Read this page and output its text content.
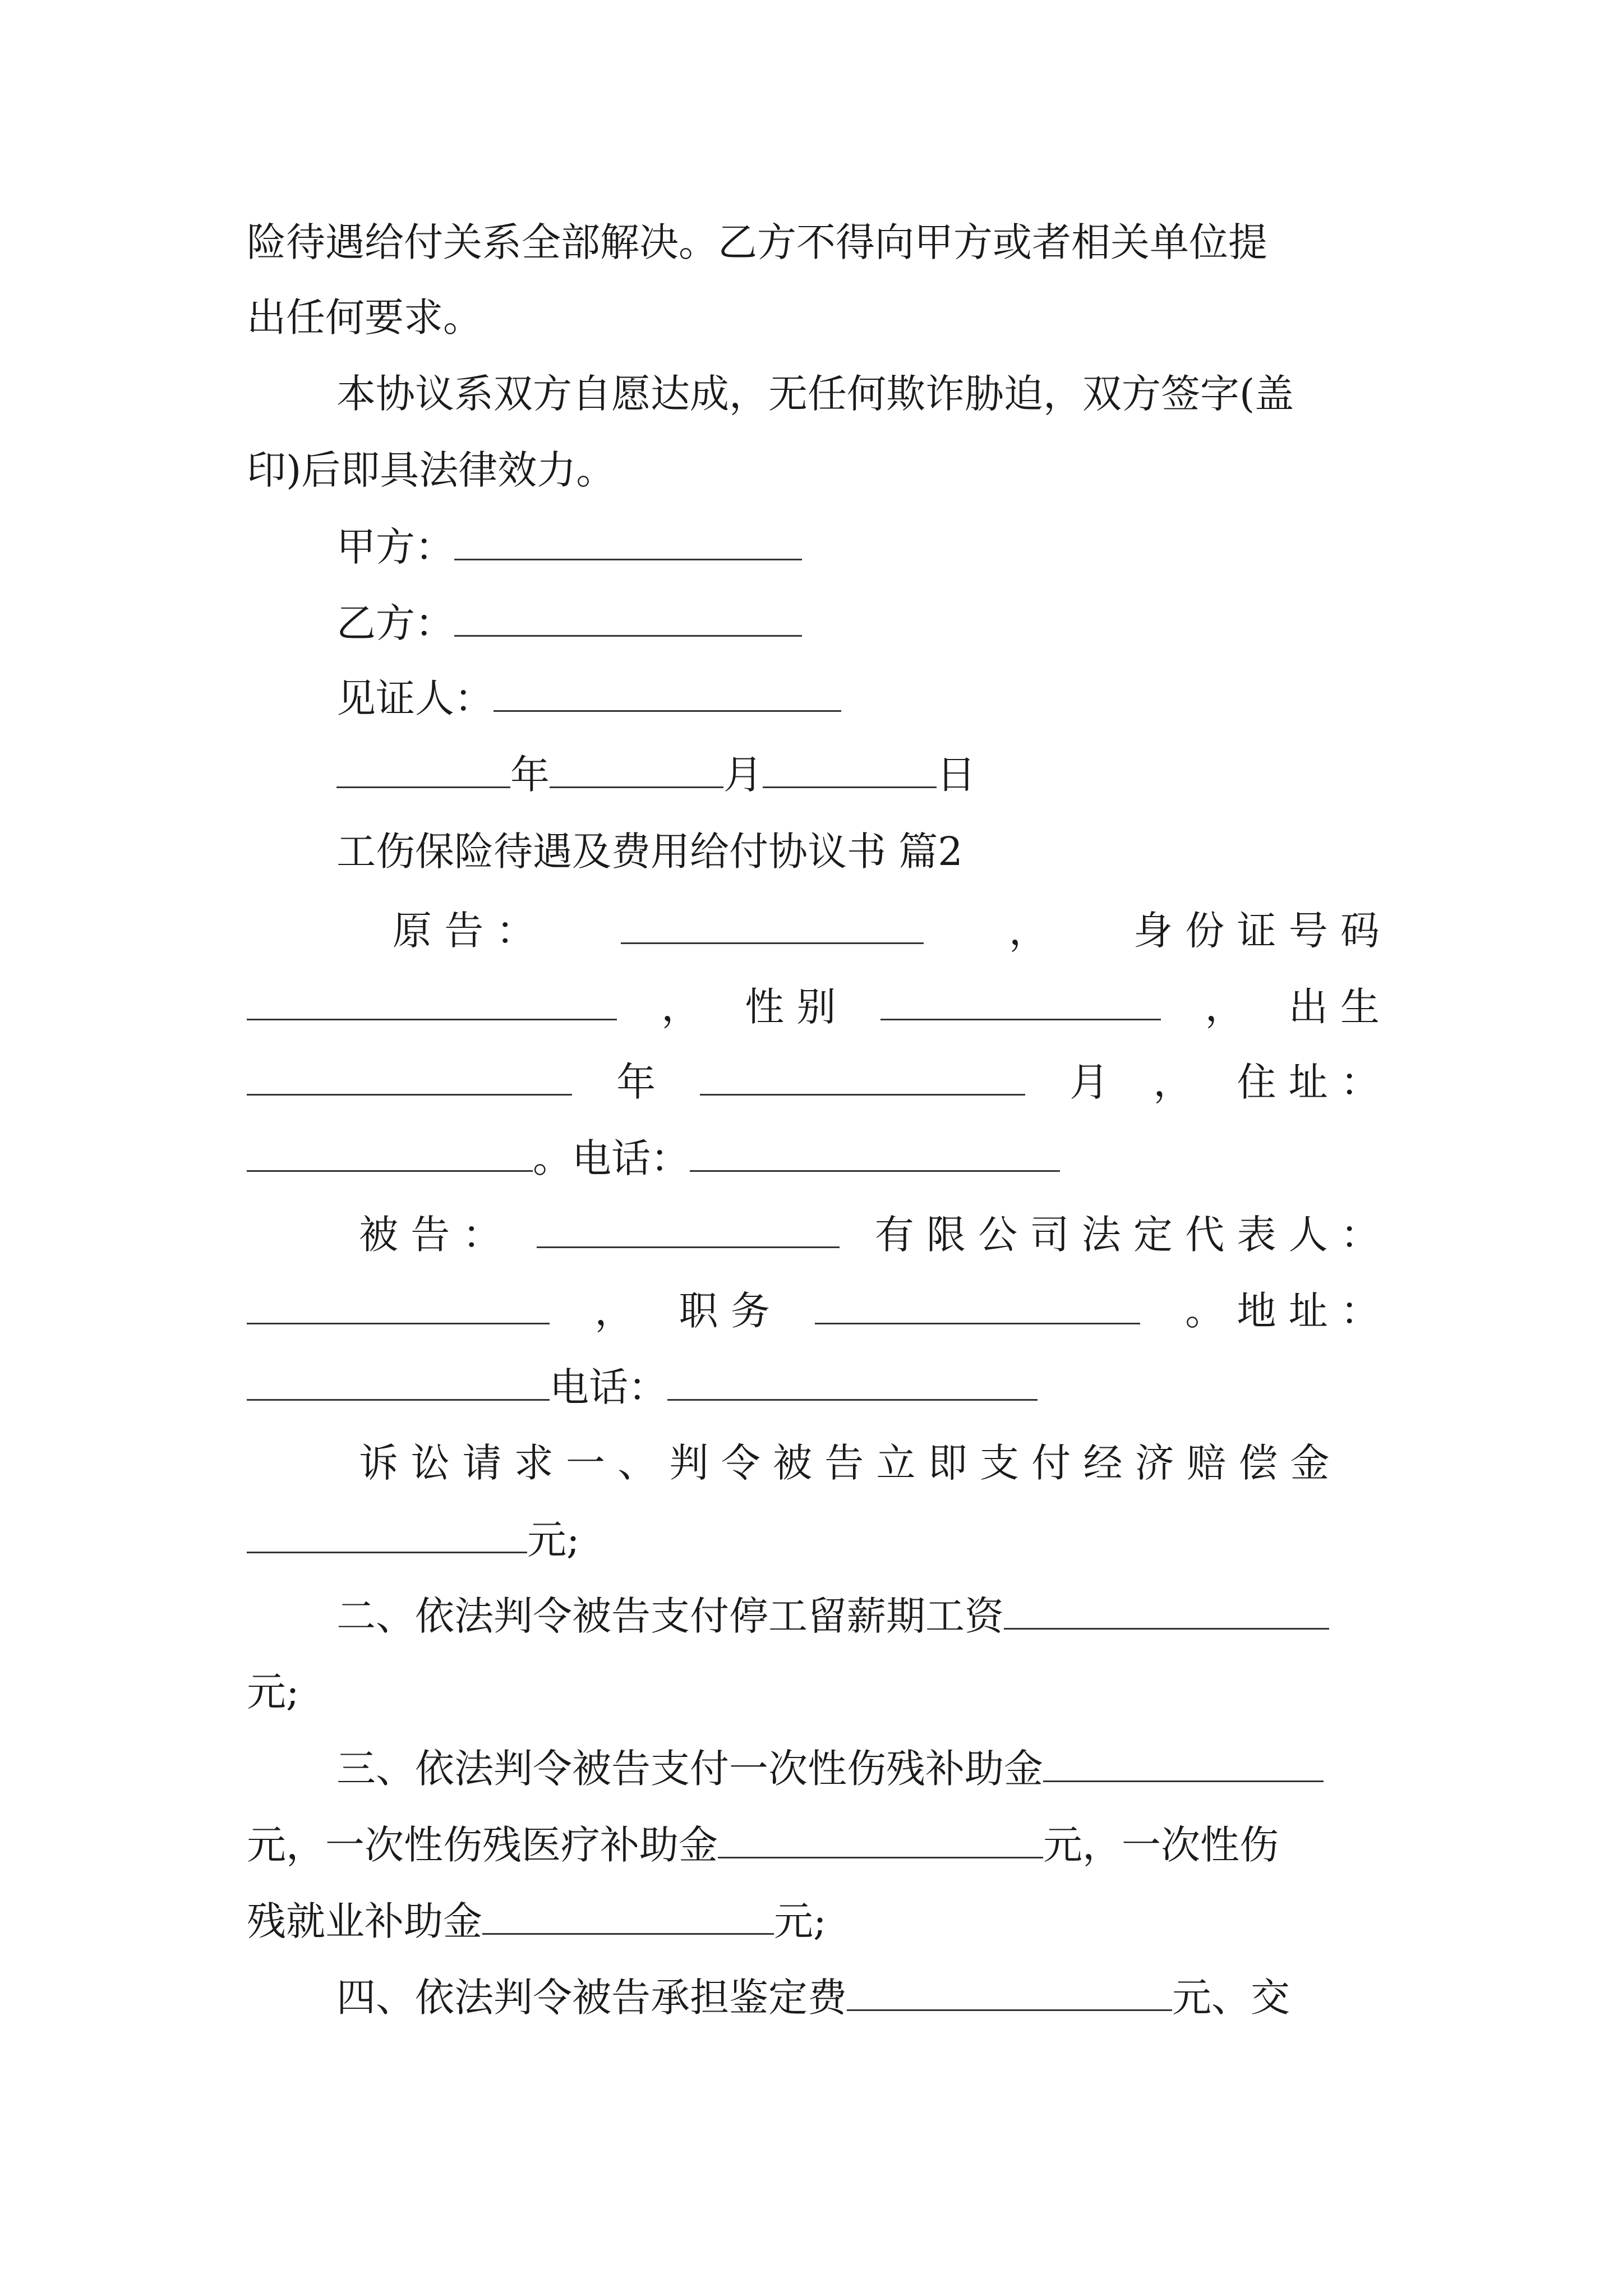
险待遇给付关系全部解决。乙方不得向甲方或者相关单位提
出任何要求。
本协议系双方自愿达成，无任何欺诈胁迫，双方签字(盖
印)后即具法律效力。
甲方：
乙方：
见证人：
年	月	日
工伤保险待遇及费用给付协议书 篇2
原 告 ：	， 身 份 证 号 码
， 性 别	， 出 生
年	月 ， 住 址 ：
。电话：
被 告 ：	有 限 公 司 法 定 代 表 人 ：
， 职 务	。 地 址 ：
电话：
诉 讼 请 求 一 、 判 令 被 告 立 即 支 付 经 济 赔 偿 金
元;
二、依法判令被告支付停工留薪期工资
元;
三、依法判令被告支付一次性伤残补助金
元，一次性伤残医疗补助金	元，一次性伤
残就业补助金	元;
四、依法判令被告承担鉴定费	元、交
